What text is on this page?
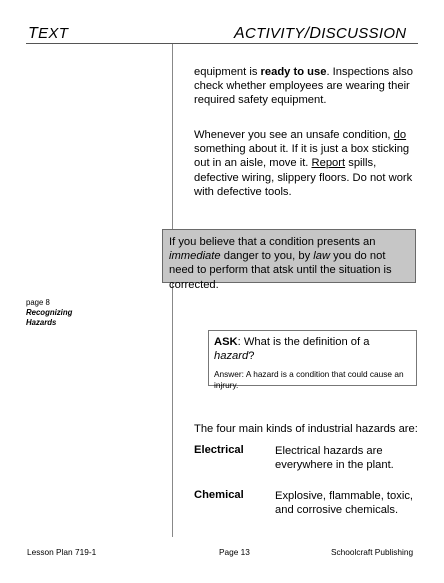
TEXT	ACTIVITY/DISCUSSION
equipment is ready to use. Inspections also check whether employees are wearing their required safety equipment.
Whenever you see an unsafe condition, do something about it. If it is just a box sticking out in an aisle, move it. Report spills, defective wiring, slippery floors. Do not work with defective tools.
If you believe that a condition presents an immediate danger to you, by law you do not need to perform that atsk until the situation is corrected.
page 8
Recognizing
Hazards
ASK: What is the definition of a hazard?
Answer: A hazard is a condition that could cause an injrury.
The four main kinds of industrial hazards are:
Electrical	Electrical hazards are everywhere in the plant.
Chemical	Explosive, flammable, toxic, and corrosive chemicals.
Lesson Plan 719-1	Page 13	Schoolcraft Publishing
